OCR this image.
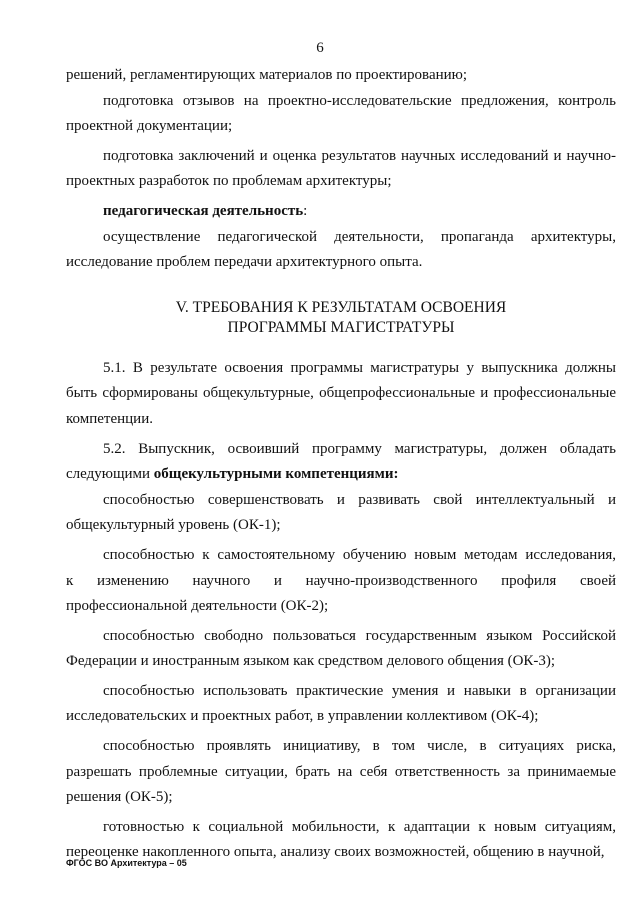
6

решений, регламентирующих материалов по проектированию;

подготовка отзывов на проектно-исследовательские предложения, контроль проектной документации;

подготовка заключений и оценка результатов научных исследований и научно-проектных разработок по проблемам архитектуры;

педагогическая деятельность:

осуществление педагогической деятельности, пропаганда архитектуры, исследование проблем передачи архитектурного опыта.

V. ТРЕБОВАНИЯ К РЕЗУЛЬТАТАМ ОСВОЕНИЯ
ПРОГРАММЫ МАГИСТРАТУРЫ

5.1. В результате освоения программы магистратуры у выпускника должны быть сформированы общекультурные, общепрофессиональные и профессиональные компетенции.

5.2. Выпускник, освоивший программу магистратуры, должен обладать следующими общекультурными компетенциями:

способностью совершенствовать и развивать свой интеллектуальный и общекультурный уровень (ОК-1);

способностью к самостоятельному обучению новым методам исследования,

к изменению научного и научно-производственного профиля своей

профессиональной деятельности (ОК-2);

способностью свободно пользоваться государственным языком Российской Федерации и иностранным языком как средством делового общения (ОК-3);

способностью использовать практические умения и навыки в организации исследовательских и проектных работ, в управлении коллективом (ОК-4);

способностью проявлять инициативу, в том числе, в ситуациях риска, разрешать проблемные ситуации, брать на себя ответственность за принимаемые решения (ОК-5);

готовностью к социальной мобильности, к адаптации к новым ситуациям, переоценке накопленного опыта, анализу своих возможностей, общению в научной,

ФГОС ВО Архитектура – 05
